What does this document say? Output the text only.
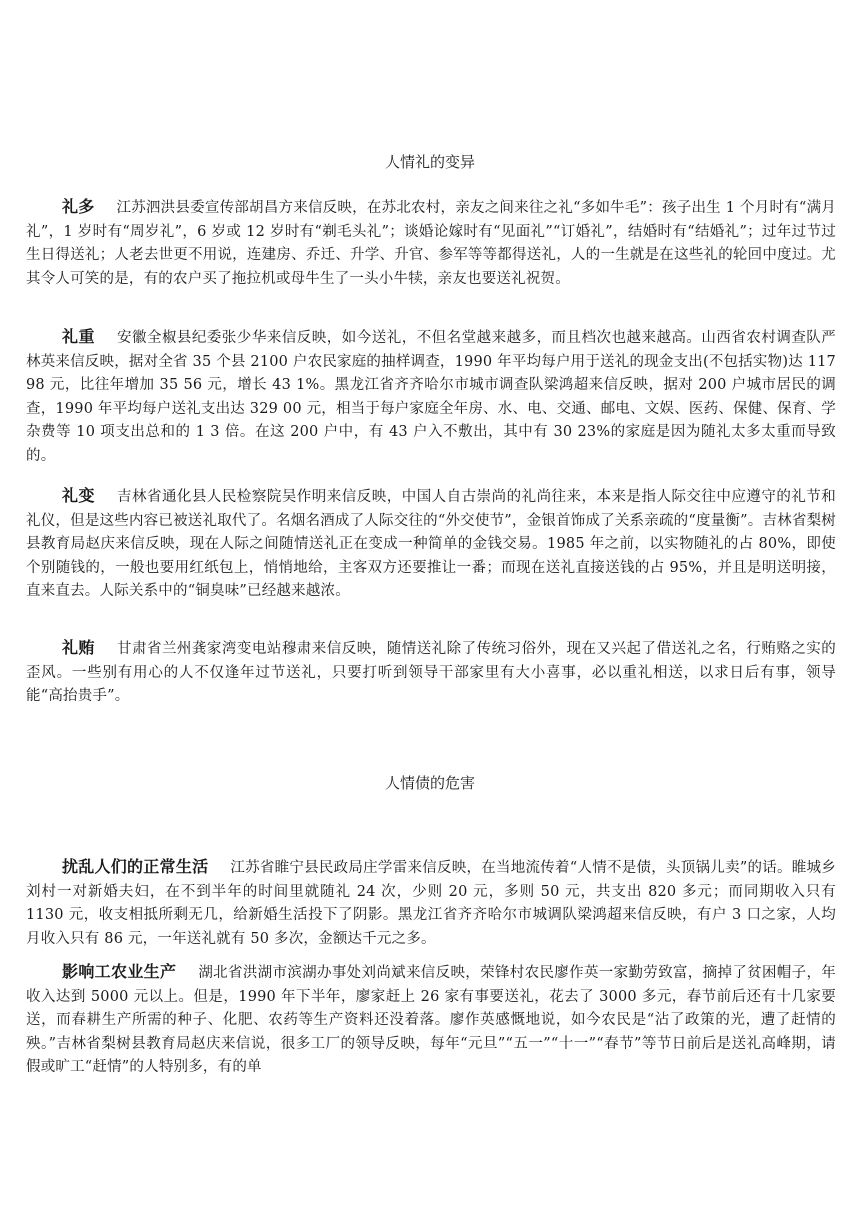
人情礼的变异

礼多 江苏泗洪县委宣传部胡昌方来信反映，在苏北农村，亲友之间来往之礼“多如牛毛”：孩子出生 1 个月时有“满月礼”，1 岁时有“周岁礼”，6 岁或 12 岁时有“剃毛头礼”；谈婚论嫁时有“见面礼”“订婚礼”，结婚时有“结婚礼”；过年过节过生日得送礼；人老去世更不用说，连建房、乔迁、升学、升官、参军等等都得送礼，人的一生就是在这些礼的轮回中度过。尤其令人可笑的是，有的农户买了拖拉机或母牛生了一头小牛犊，亲友也要送礼祝贺。

礼重 安徽全椒县纪委张少华来信反映，如今送礼，不但名堂越来越多，而且档次也越来越高。山西省农村调查队严林英来信反映，据对全省 35 个县 2100 户农民家庭的抽样调查，1990 年平均每户用于送礼的现金支出(不包括实物)达 117 98 元，比往年增加 35 56 元，增长 43 1%。黑龙江省齐齐哈尔市城市调查队梁鸿超来信反映，据对 200 户城市居民的调查，1990 年平均每户送礼支出达 329 00 元，相当于每户家庭全年房、水、电、交通、邮电、文娱、医药、保健、保育、学杂费等 10 项支出总和的 1 3 倍。在这 200 户中，有 43 户入不敷出，其中有 30 23%的家庭是因为随礼太多太重而导致的。

礼变 吉林省通化县人民检察院吴作明来信反映，中国人自古崇尚的礼尚往来，本来是指人际交往中应遵守的礼节和礼仪，但是这些内容已被送礼取代了。名烟名酒成了人际交往的“外交使节”，金银首饰成了关系亲疏的“度量衡”。吉林省梨树县教育局赵庆来信反映，现在人际之间随情送礼正在变成一种简单的金钱交易。1985 年之前，以实物随礼的占 80%，即使个别随钱的，一般也要用红纸包上，悄悄地给，主客双方还要推让一番；而现在送礼直接送钱的占 95%，并且是明送明接，直来直去。人际关系中的“铜臭味”已经越来越浓。

礼贿 甘肃省兰州龚家湾变电站穆肃来信反映，随情送礼除了传统习俗外，现在又兴起了借送礼之名，行贿赂之实的歪风。一些别有用心的人不仅逢年过节送礼，只要打听到领导干部家里有大小喜事，必以重礼相送，以求日后有事，领导能“高抬贵手”。

人情债的危害

扰乱人们的正常生活 江苏省睢宁县民政局庄学雷来信反映，在当地流传着“人情不是债，头顶锅儿卖”的话。睢城乡刘村一对新婚夫妇，在不到半年的时间里就随礼 24 次，少则 20 元，多则 50 元，共支出 820 多元；而同期收入只有 1130 元，收支相抵所剩无几，给新婚生活投下了阴影。黑龙江省齐齐哈尔市城调队梁鸿超来信反映，有户 3 口之家，人均月收入只有 86 元，一年送礼就有 50 多次，金额达千元之多。

影响工农业生产 湖北省洪湖市滨湖办事处刘尚斌来信反映，荣锋村农民廖作英一家勤劳致富，摘掉了贫困帽子，年收入达到 5000 元以上。但是，1990 年下半年，廖家赶上 26 家有事要送礼，花去了 3000 多元，春节前后还有十几家要送，而春耕生产所需的种子、化肥、农药等生产资料还没着落。廖作英感慨地说，如今农民是“沾了政策的光，遭了赶情的殃。”吉林省梨树县教育局赵庆来信说，很多工厂的领导反映，每年“元旦”“五一”“十一”“春节”等节日前后是送礼高峰期，请假或旷工“赶情”的人特别多，有的单
